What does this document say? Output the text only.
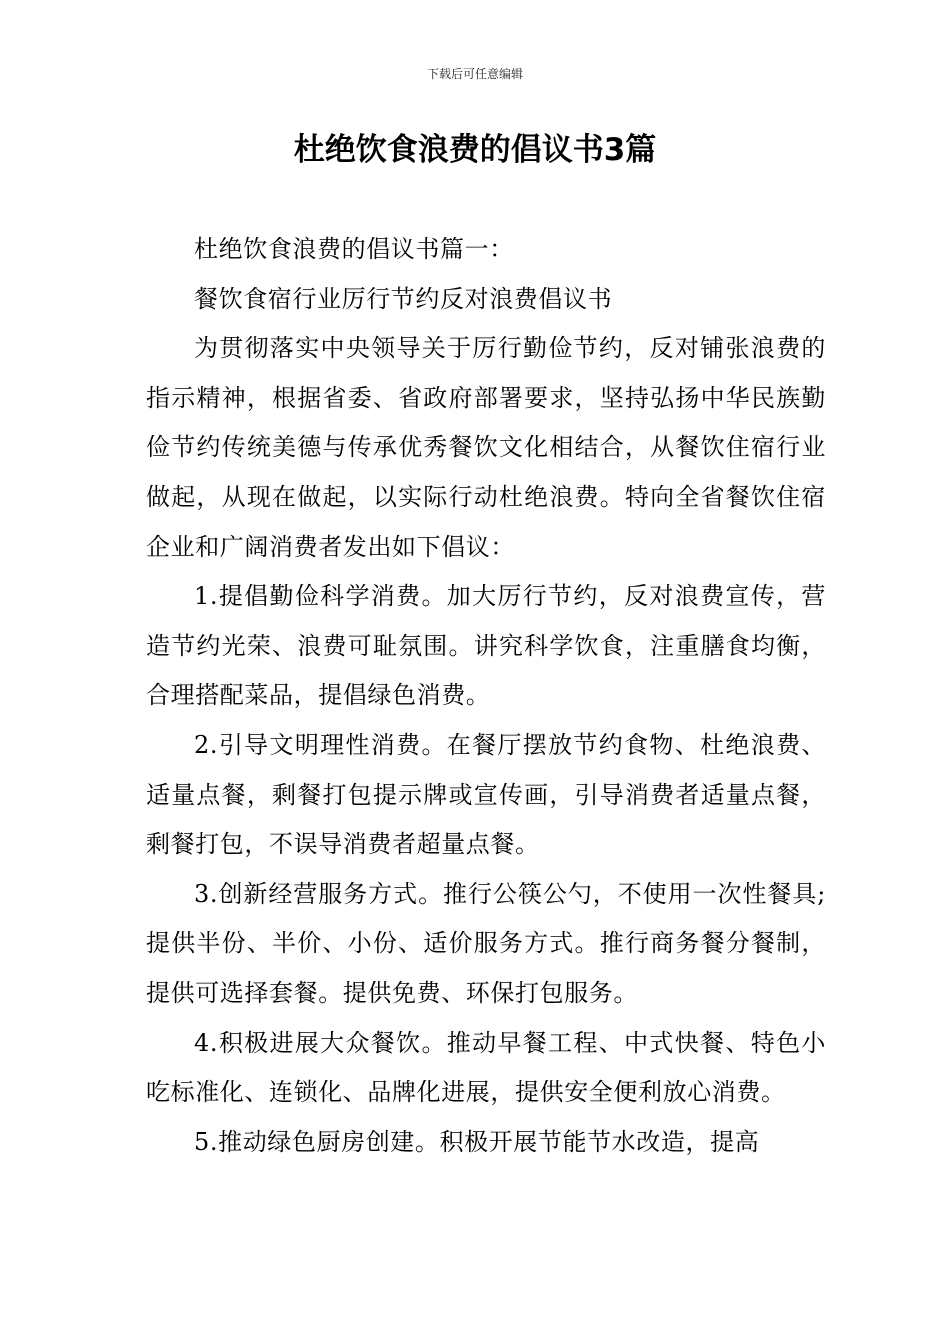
下载后可任意编辑
杜绝饮食浪费的倡议书3篇

杜绝饮食浪费的倡议书篇一：

餐饮食宿行业厉行节约反对浪费倡议书

为贯彻落实中央领导关于厉行勤俭节约，反对铺张浪费的指示精神，根据省委、省政府部署要求，坚持弘扬中华民族勤俭节约传统美德与传承优秀餐饮文化相结合，从餐饮住宿行业做起，从现在做起，以实际行动杜绝浪费。特向全省餐饮住宿企业和广阔消费者发出如下倡议：

1.提倡勤俭科学消费。加大厉行节约，反对浪费宣传，营造节约光荣、浪费可耻氛围。讲究科学饮食，注重膳食均衡，合理搭配菜品，提倡绿色消费。

2.引导文明理性消费。在餐厅摆放节约食物、杜绝浪费、适量点餐，剩餐打包提示牌或宣传画，引导消费者适量点餐，剩餐打包，不误导消费者超量点餐。

3.创新经营服务方式。推行公筷公勺，不使用一次性餐具;提供半份、半价、小份、适价服务方式。推行商务餐分餐制，提供可选择套餐。提供免费、环保打包服务。

4.积极进展大众餐饮。推动早餐工程、中式快餐、特色小吃标准化、连锁化、品牌化进展，提供安全便利放心消费。

5.推动绿色厨房创建。积极开展节能节水改造，提高
